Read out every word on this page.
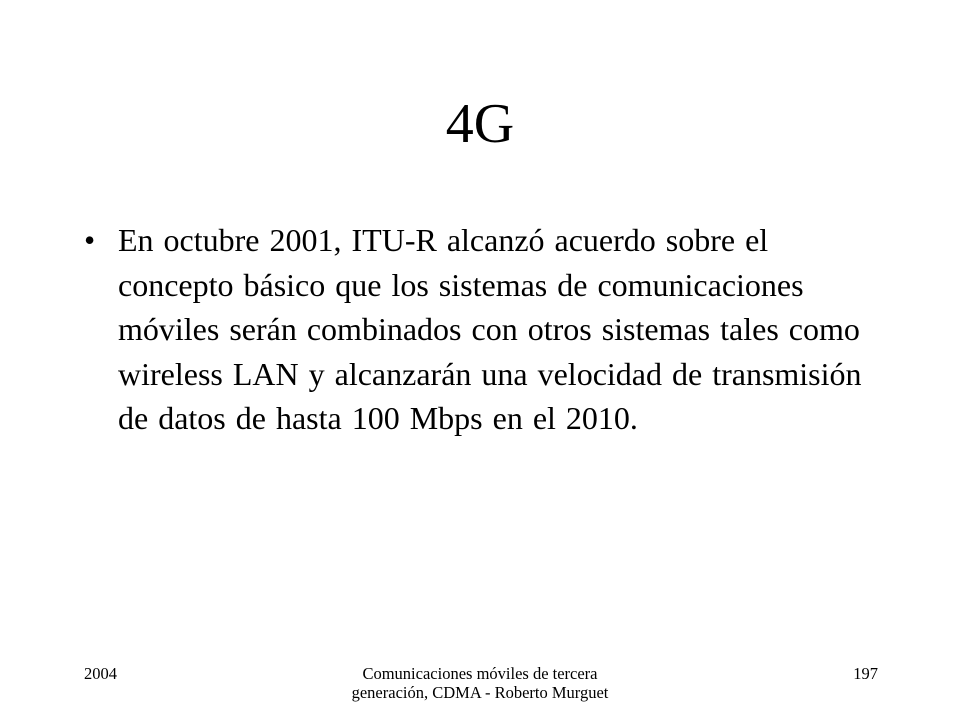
4G
• En octubre 2001, ITU-R alcanzó acuerdo sobre el concepto básico que los sistemas de comunicaciones móviles serán combinados con otros sistemas tales como wireless LAN y alcanzarán una velocidad de transmisión de datos de hasta 100 Mbps en el 2010.
2004	Comunicaciones móviles de tercera generación, CDMA - Roberto Murguet
197
